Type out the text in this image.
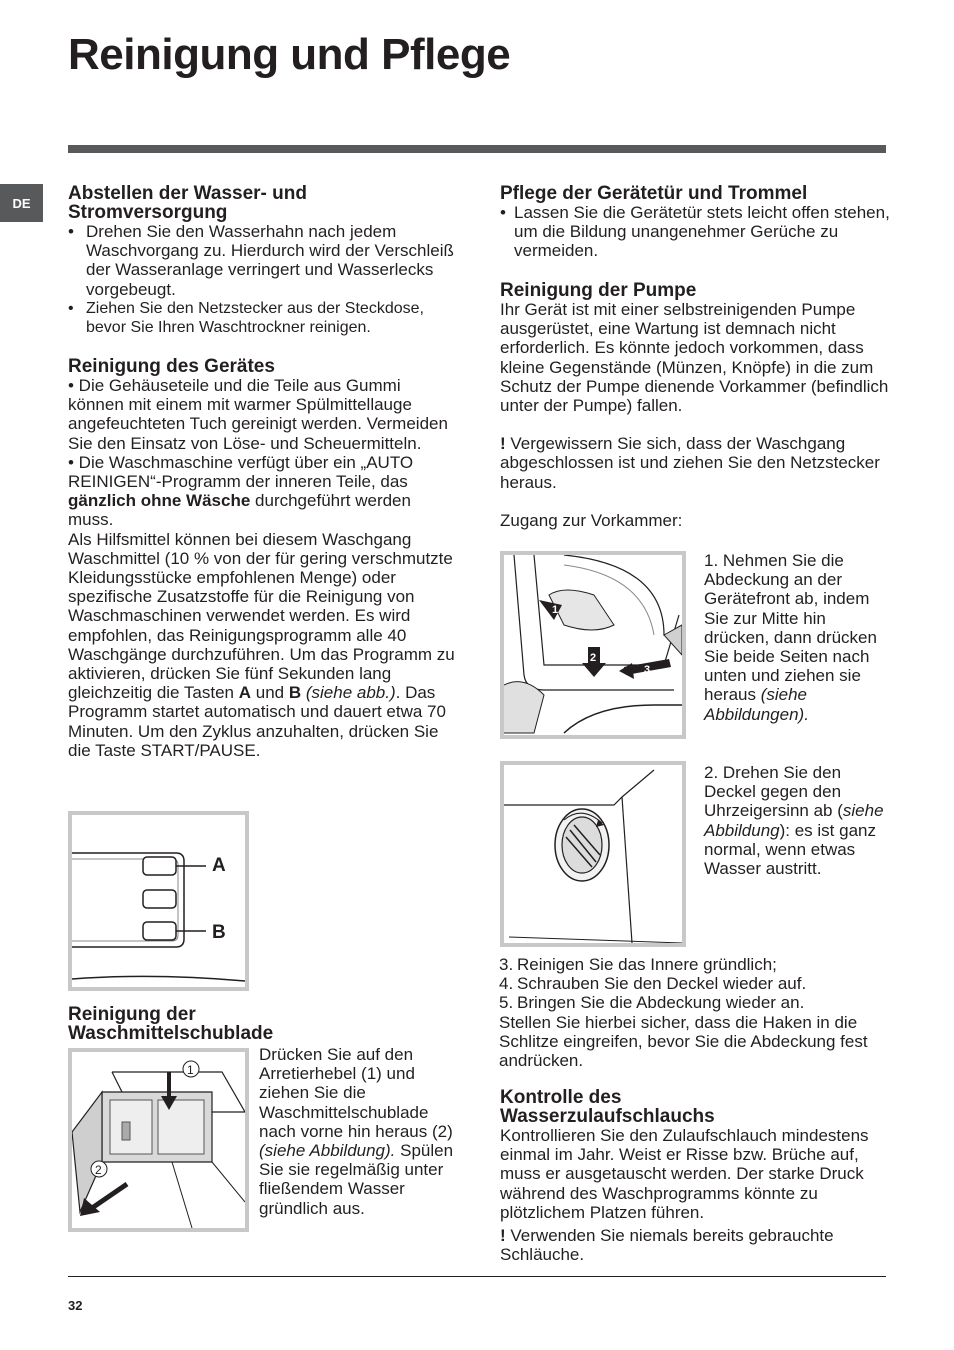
Reinigung und Pflege
DE	Abstellen der Wasser- und
Stromversorgung

• Drehen Sie den Wasserhahn nach jedem Waschvorgang zu. Hierdurch wird der Verschleiß der Wasseranlage verringert und Wasserlecks vorgebeugt.

• Ziehen Sie den Netzstecker aus der Steckdose, bevor Sie Ihren Waschtrockner reinigen.

Reinigung des Gerätes

• Die Gehäuseteile und die Teile aus Gummi können mit einem mit warmer Spülmittellauge angefeuchteten Tuch gereinigt werden. Vermeiden Sie den Einsatz von Löse- und Scheuermitteln.

• Die Waschmaschine verfügt über ein „AUTO REINIGEN“-Programm der inneren Teile, das gänzlich ohne Wäsche durchgeführt werden muss.

Als Hilfsmittel können bei diesem Waschgang Waschmittel (10 % von der für gering verschmutzte Kleidungsstücke empfohlenen Menge) oder spezifische Zusatzstoffe für die Reinigung von Waschmaschinen verwendet werden. Es wird empfohlen, das Reinigungsprogramm alle 40 Waschgänge durchzuführen. Um das Programm zu aktivieren, drücken Sie fünf Sekunden lang gleichzeitig die Tasten A und B (siehe abb.). Das Programm startet automatisch und dauert etwa 70 Minuten. Um den Zyklus anzuhalten, drücken Sie die Taste START/PAUSE.

A
B
Reinigung der
Waschmittelschublade
1
2

Drücken Sie auf den Arretierhebel (1) und ziehen Sie die Waschmittelschublade nach vorne hin heraus (2) (siehe Abbildung). Spülen Sie sie regelmäßig unter fließendem Wasser gründlich aus.

Pflege der Gerätetür und Trommel

• Lassen Sie die Gerätetür stets leicht offen stehen, um die Bildung unangenehmer Gerüche zu vermeiden.

Reinigung der Pumpe

Ihr Gerät ist mit einer selbstreinigenden Pumpe ausgerüstet, eine Wartung ist demnach nicht erforderlich. Es könnte jedoch vorkommen, dass kleine Gegenstände (Münzen, Knöpfe) in die zum Schutz der Pumpe dienende Vorkammer (befindlich unter der Pumpe) fallen.

! Vergewissern Sie sich, dass der Waschgang abgeschlossen ist und ziehen Sie den Netzstecker heraus.

Zugang zur Vorkammer:

1
2
3

1. Nehmen Sie die Abdeckung an der Gerätefront ab, indem Sie zur Mitte hin drücken, dann drücken Sie beide Seiten nach unten und ziehen sie heraus (siehe Abbildungen).

2. Drehen Sie den Deckel gegen den Uhrzeigersinn ab (siehe Abbildung): es ist ganz normal, wenn etwas Wasser austritt.

3. Reinigen Sie das Innere gründlich;

4. Schrauben Sie den Deckel wieder auf.

5. Bringen Sie die Abdeckung wieder an.

Stellen Sie hierbei sicher, dass die Haken in die Schlitze eingreifen, bevor Sie die Abdeckung fest andrücken.

Kontrolle des
Wasserzulaufschlauchs

Kontrollieren Sie den Zulaufschlauch mindestens einmal im Jahr. Weist er Risse bzw. Brüche auf, muss er ausgetauscht werden. Der starke Druck während des Waschprogramms könnte zu plötzlichem Platzen führen.

! Verwenden Sie niemals bereits gebrauchte Schläuche.

32
